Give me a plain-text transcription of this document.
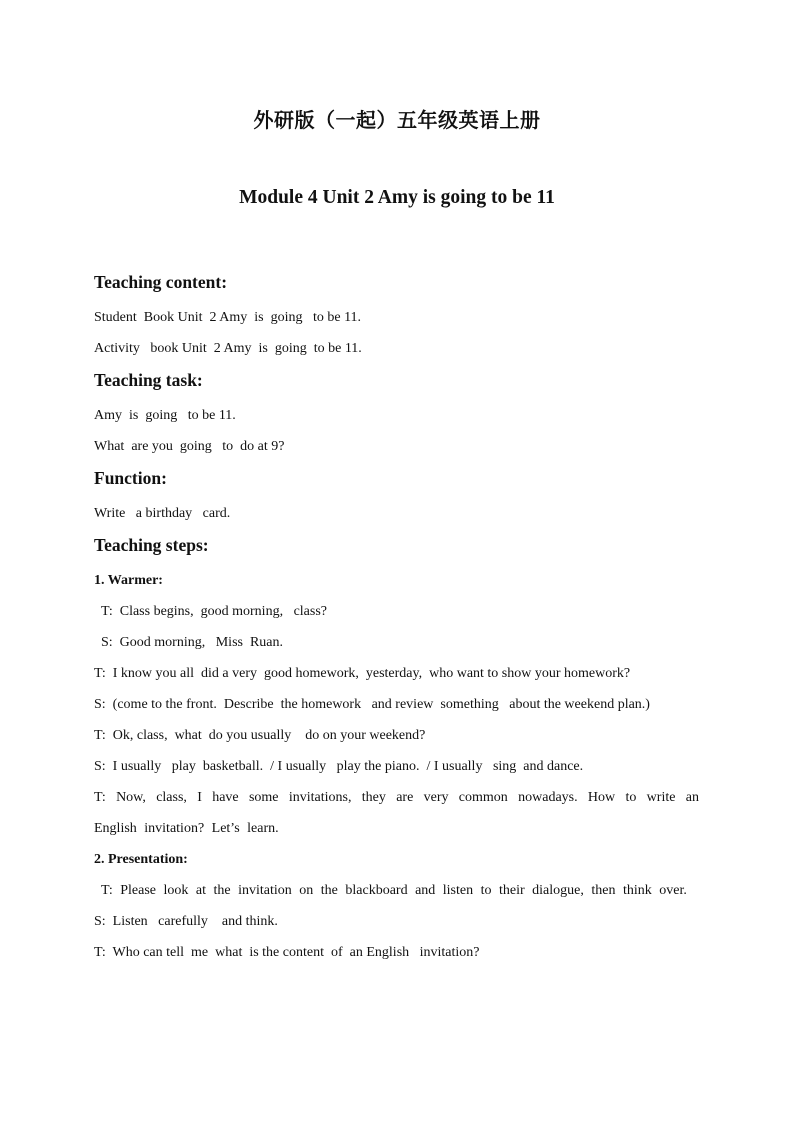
外研版（一起）五年级英语上册
Module 4 Unit 2 Amy is going to be 11

Teaching content:

Student  Book Unit  2 Amy  is  going   to be 11.

Activity   book Unit  2 Amy  is  going  to be 11.

Teaching task:

Amy  is  going   to be 11.

What  are you  going   to  do at 9?

Function:

Write   a birthday   card.

Teaching steps:

1. Warmer:

T:  Class begins,  good morning,   class?

S:  Good morning,   Miss  Ruan.

T:  I know you all  did a very  good homework,  yesterday,  who want to show your homework?

S:  (come to the front.  Describe  the homework   and review  something   about the weekend plan.)

T:  Ok, class,  what  do you usually    do on your weekend?

S:  I usually   play  basketball.  / I usually   play the piano.  / I usually   sing  and dance.

T: Now, class, I have some invitations, they are very common nowadays. How to write an English invitation? Let’s learn.

2. Presentation:

T: Please look at the invitation on the blackboard and listen to their dialogue, then think over.

S:  Listen   carefully    and think.

T:  Who can tell  me  what  is the content  of  an English   invitation?
